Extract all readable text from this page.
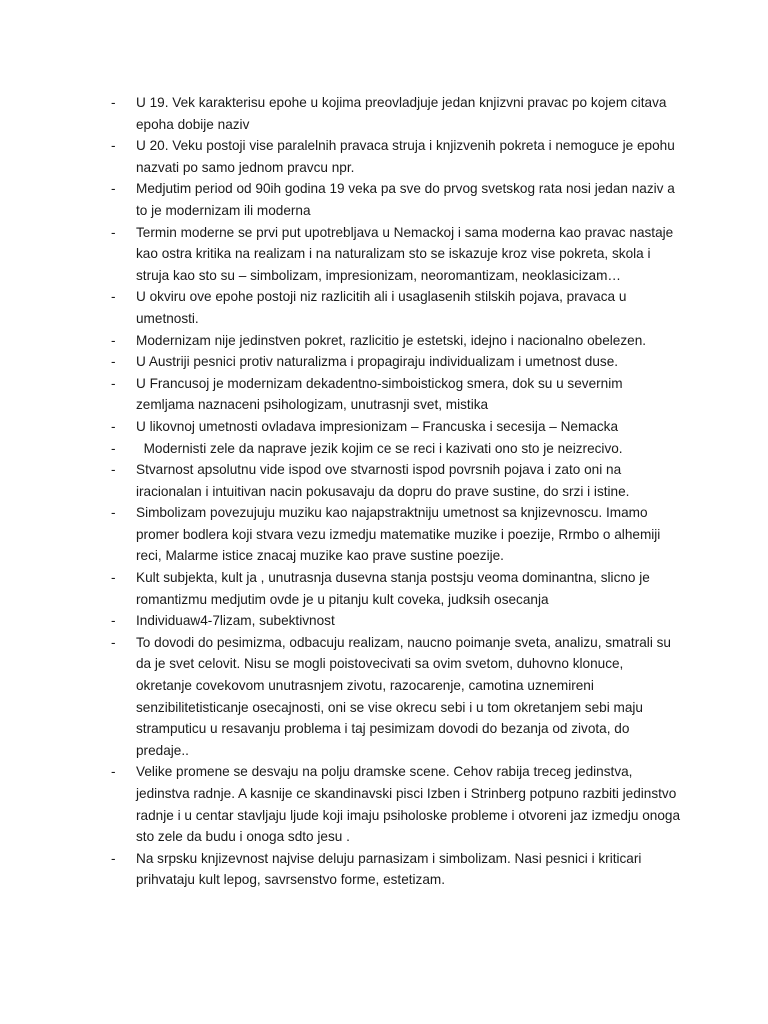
-	U 19. Vek karakterisu epohe u kojima preovladjuje jedan knjizvni pravac po kojem citava epoha dobije naziv
-	U 20. Veku postoji vise paralelnih pravaca struja i knjizvenih pokreta i nemoguce je epohu nazvati po samo jednom pravcu npr.
-	Medjutim period od 90ih godina 19 veka pa sve do prvog svetskog rata nosi jedan naziv a to je modernizam ili moderna
-	Termin moderne se prvi put upotrebljava u Nemackoj i sama moderna kao pravac nastaje kao ostra kritika na realizam i na naturalizam sto se iskazuje kroz vise pokreta, skola i struja kao sto su – simbolizam, impresionizam, neoromantizam, neoklasicizam…
-	U okviru ove epohe postoji niz razlicitih ali i usaglasenih stilskih pojava, pravaca u umetnosti.
-	Modernizam nije jedinstven pokret, razlicitio je estetski, idejno i nacionalno obelezen.
-	U Austriji pesnici protiv naturalizma i propagiraju individualizam i umetnost duse.
-	U Francusoj je modernizam dekadentno-simboistickog smera, dok su u severnim zemljama naznaceni psihologizam, unutrasnji svet, mistika
-	U likovnoj umetnosti ovladava impresionizam – Francuska i secesija – Nemacka
-	Modernisti zele da naprave jezik kojim ce se reci i kazivati ono sto je neizrecivo.
-	Stvarnost apsolutnu vide ispod ove stvarnosti ispod povrsnih pojava i zato oni na iracionalan i intuitivan nacin pokusavaju da dopru do prave sustine, do srzi i istine.
-	Simbolizam povezujuju muziku kao najapstraktniju umetnost sa knjizevnoscu. Imamo promer bodlera koji stvara vezu izmedju matematike muzike i poezije, Rrmbo o alhemiji reci, Malarme istice znacaj muzike kao prave sustine poezije.
-	Kult subjekta, kult ja , unutrasnja dusevna stanja postsju veoma dominantna, slicno je romantizmu medjutim ovde je u pitanju kult coveka, judksih osecanja
-	Individuaw4-7lizam, subektivnost
-	To dovodi do pesimizma, odbacuju realizam, naucno poimanje sveta, analizu, smatrali su da je svet celovit. Nisu se mogli poistovecivati sa ovim svetom, duhovno klonuce, okretanje covekovom unutrasnjem zivotu, razocarenje, camotina uznemireni senzibilitetisticanje osecajnosti, oni se vise okrecu sebi i u tom okretanjem sebi maju stramputicu u resavanju problema i taj pesimizam dovodi do bezanja od zivota, do predaje..
-	Velike promene se desvaju na polju dramske scene. Cehov rabija treceg jedinstva, jedinstva radnje. A kasnije ce skandinavski pisci Izben i Strinberg potpuno razbiti jedinstvo radnje i u centar stavljaju ljude koji imaju psiholoske probleme i otvoreni jaz izmedju onoga sto zele da budu i onoga sdto jesu .
-	Na srpsku knjizevnost najvise deluju parnasizam i simbolizam. Nasi pesnici i kriticari prihvataju kult lepog, savrsenstvo forme, estetizam.
